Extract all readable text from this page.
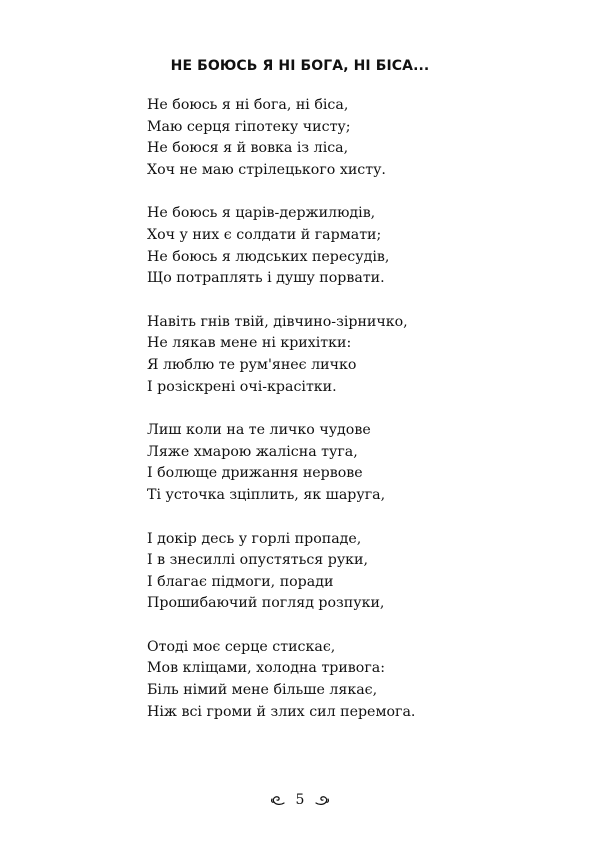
НЕ БОЮСЬ Я НІ БОГА, НІ БІСА...
Не боюсь я ні бога, ні біса,
Маю серця гіпотеку чисту;
Не боюся я й вовка із ліса,
Хоч не маю стрілецького хисту.
Не боюсь я царів-держилюдів,
Хоч у них є солдати й гармати;
Не боюсь я людських пересудів,
Що потраплять і душу порвати.
Навіть гнів твій, дівчино-зірничко,
Не лякав мене ні крихітки:
Я люблю те рум'янеє личко
І розіскрені очі-красітки.
Лиш коли на те личко чудове
Ляже хмарою жалісна туга,
І болюще дрижання нервове
Ті усточка зціплить, як шаруга,
І докір десь у горлі пропаде,
І в знесиллі опустяться руки,
І благає підмоги, поради
Прошибаючий погляд розпуки,
Отоді моє серце стискає,
Мов кліщами, холодна тривога:
Біль німий мене більше лякає,
Ніж всі громи й злих сил перемога.
5
